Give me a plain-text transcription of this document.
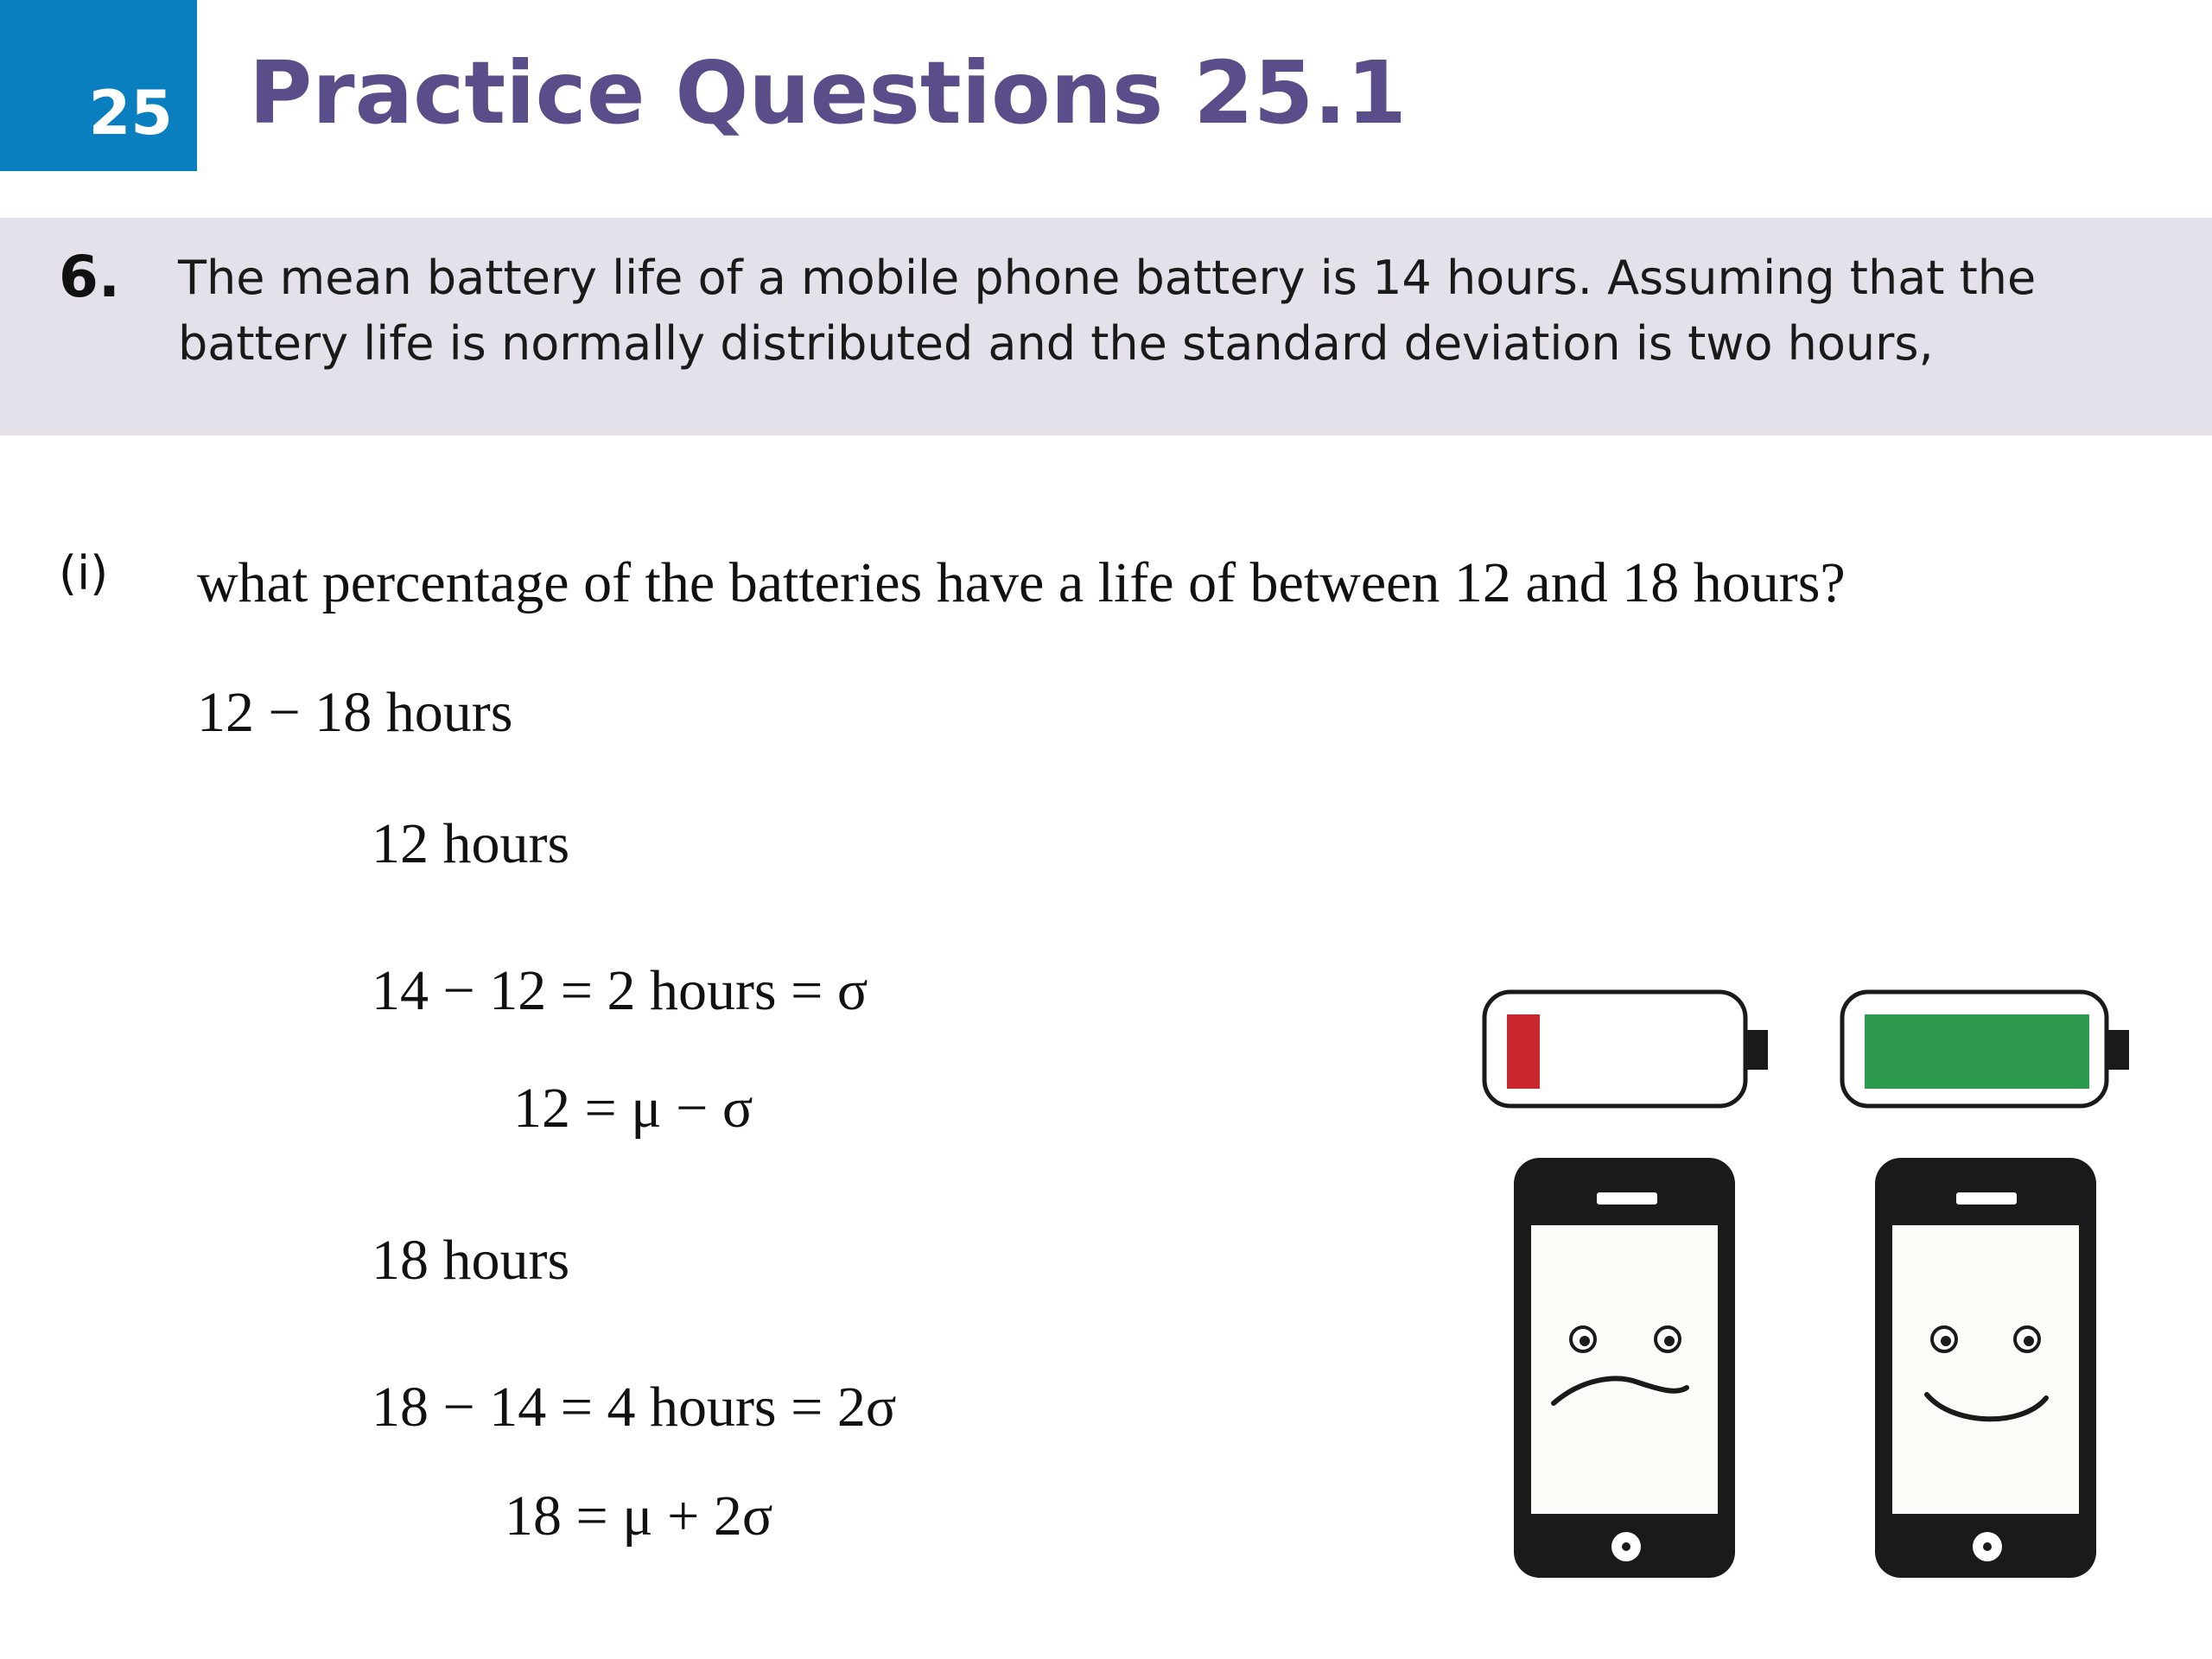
25 Practice Questions 25.1
6. The mean battery life of a mobile phone battery is 14 hours. Assuming that the battery life is normally distributed and the standard deviation is two hours,
(i) what percentage of the batteries have a life of between 12 and 18 hours?
12 − 18 hours
12 hours
14 − 12 = 2 hours = σ
12 = μ − σ
18 hours
18 − 14 = 4 hours = 2σ
18 = μ + 2σ
